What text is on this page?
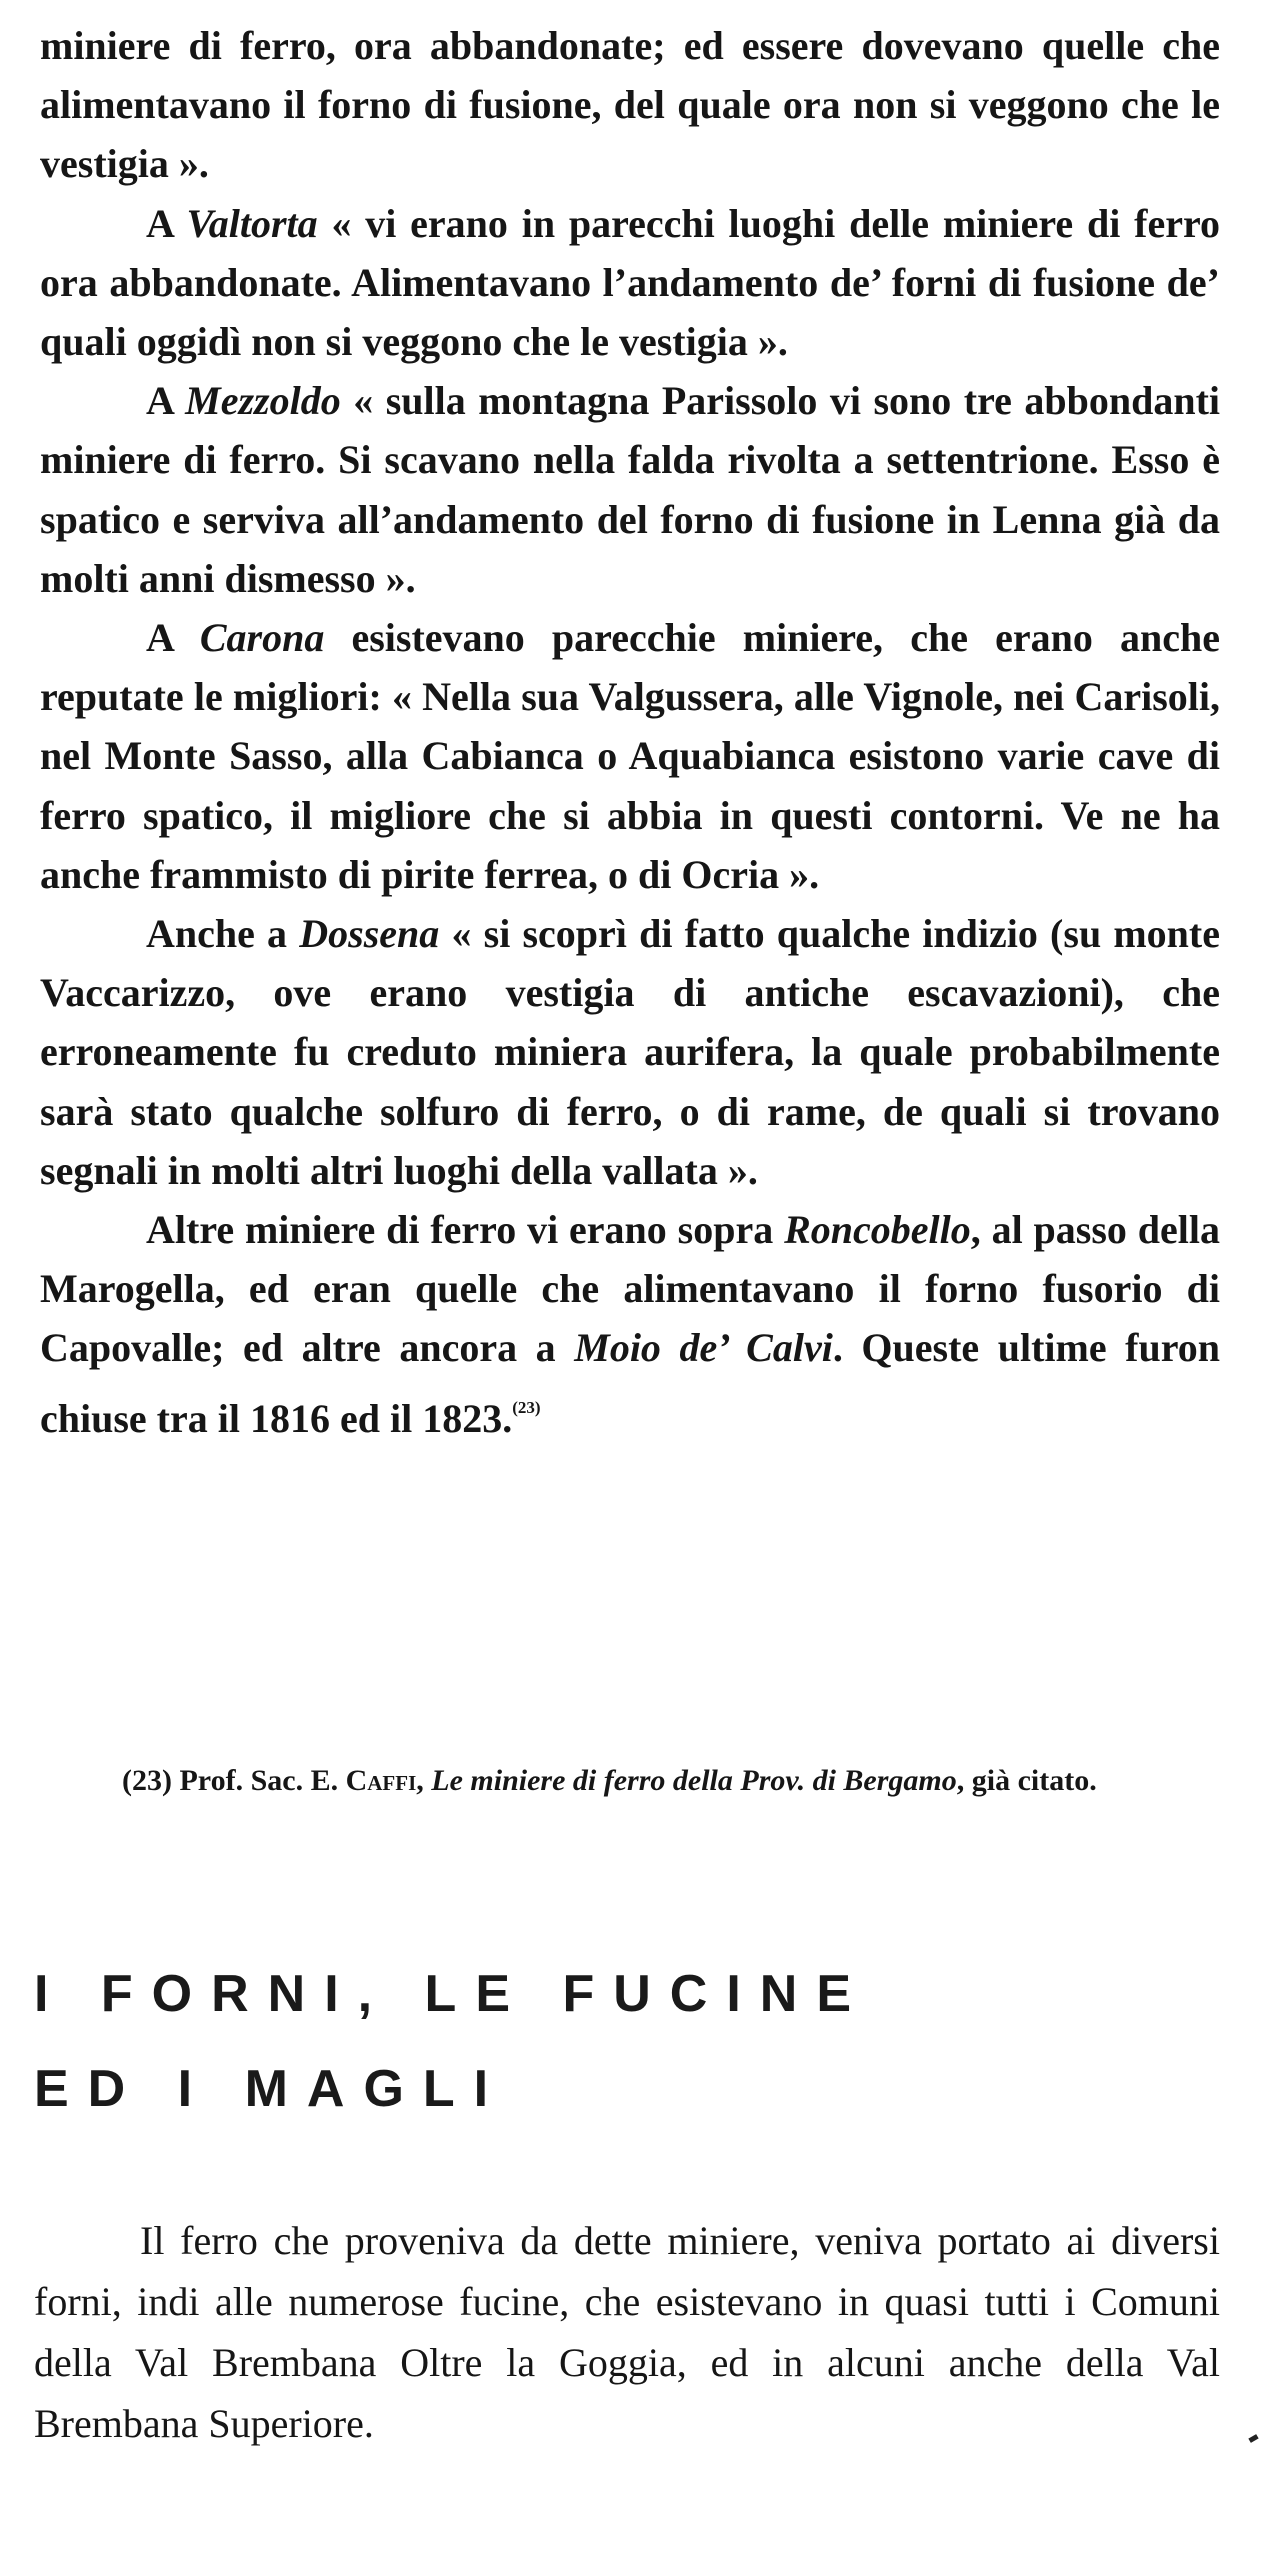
miniere di ferro, ora abbandonate; ed essere dovevano quelle che alimentavano il forno di fusione, del quale ora non si veggono che le vestigia ».

A Valtorta « vi erano in parecchi luoghi delle miniere di ferro ora abbandonate. Alimentavano l’andamento de’ forni di fusione de’ quali oggidì non si veggono che le vestigia ».

A Mezzoldo « sulla montagna Parissolo vi sono tre abbondanti miniere di ferro. Si scavano nella falda rivolta a settentrione. Esso è spatico e serviva all’andamento del forno di fusione in Lenna già da molti anni dismesso ».

A Carona esistevano parecchie miniere, che erano anche reputate le migliori: « Nella sua Valgussera, alle Vignole, nei Carisoli, nel Monte Sasso, alla Cabianca o Aquabianca esistono varie cave di ferro spatico, il migliore che si abbia in questi contorni. Ve ne ha anche frammisto di pirite ferrea, o di Ocria ».

Anche a Dossena « si scoprì di fatto qualche indizio (su monte Vaccarizzo, ove erano vestigia di antiche escavazioni), che erroneamente fu creduto miniera aurifera, la quale probabilmente sarà stato qualche solfuro di ferro, o di rame, de quali si trovano segnali in molti altri luoghi della vallata ».

Altre miniere di ferro vi erano sopra Roncobello, al passo della Marogella, ed eran quelle che alimentavano il forno fusorio di Capovalle; ed altre ancora a Moio de’ Calvi. Queste ultime furon chiuse tra il 1816 ed il 1823.$^{(23)}$

(23) Prof. Sac. E. Caffi, Le miniere di ferro della Prov. di Bergamo, già citato.
I FORNI, LE FUCINE
ED I MAGLI

Il ferro che proveniva da dette miniere, veniva portato ai diversi forni, indi alle numerose fucine, che esistevano in quasi tutti i Comuni della Val Brembana Oltre la Goggia, ed in alcuni anche della Val Brembana Superiore.
